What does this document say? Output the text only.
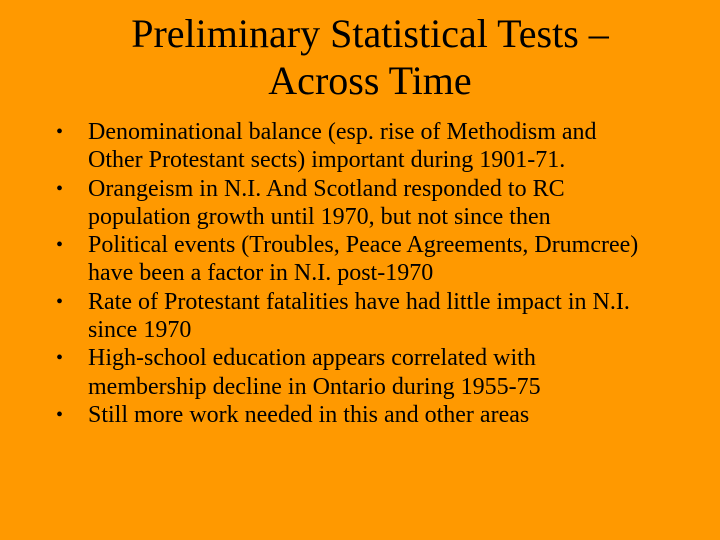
Preliminary Statistical Tests –
Across Time
•	Denominational balance (esp. rise of Methodism and Other Protestant sects) important during 1901-71.
•	Orangeism in N.I. And Scotland responded to RC population growth until 1970, but not since then
•	Political events (Troubles, Peace Agreements, Drumcree) have been a factor in N.I. post-1970
•	Rate of Protestant fatalities have had little impact in N.I. since 1970
•	High-school education appears correlated with membership decline in Ontario during 1955-75
•	Still more work needed in this and other areas
